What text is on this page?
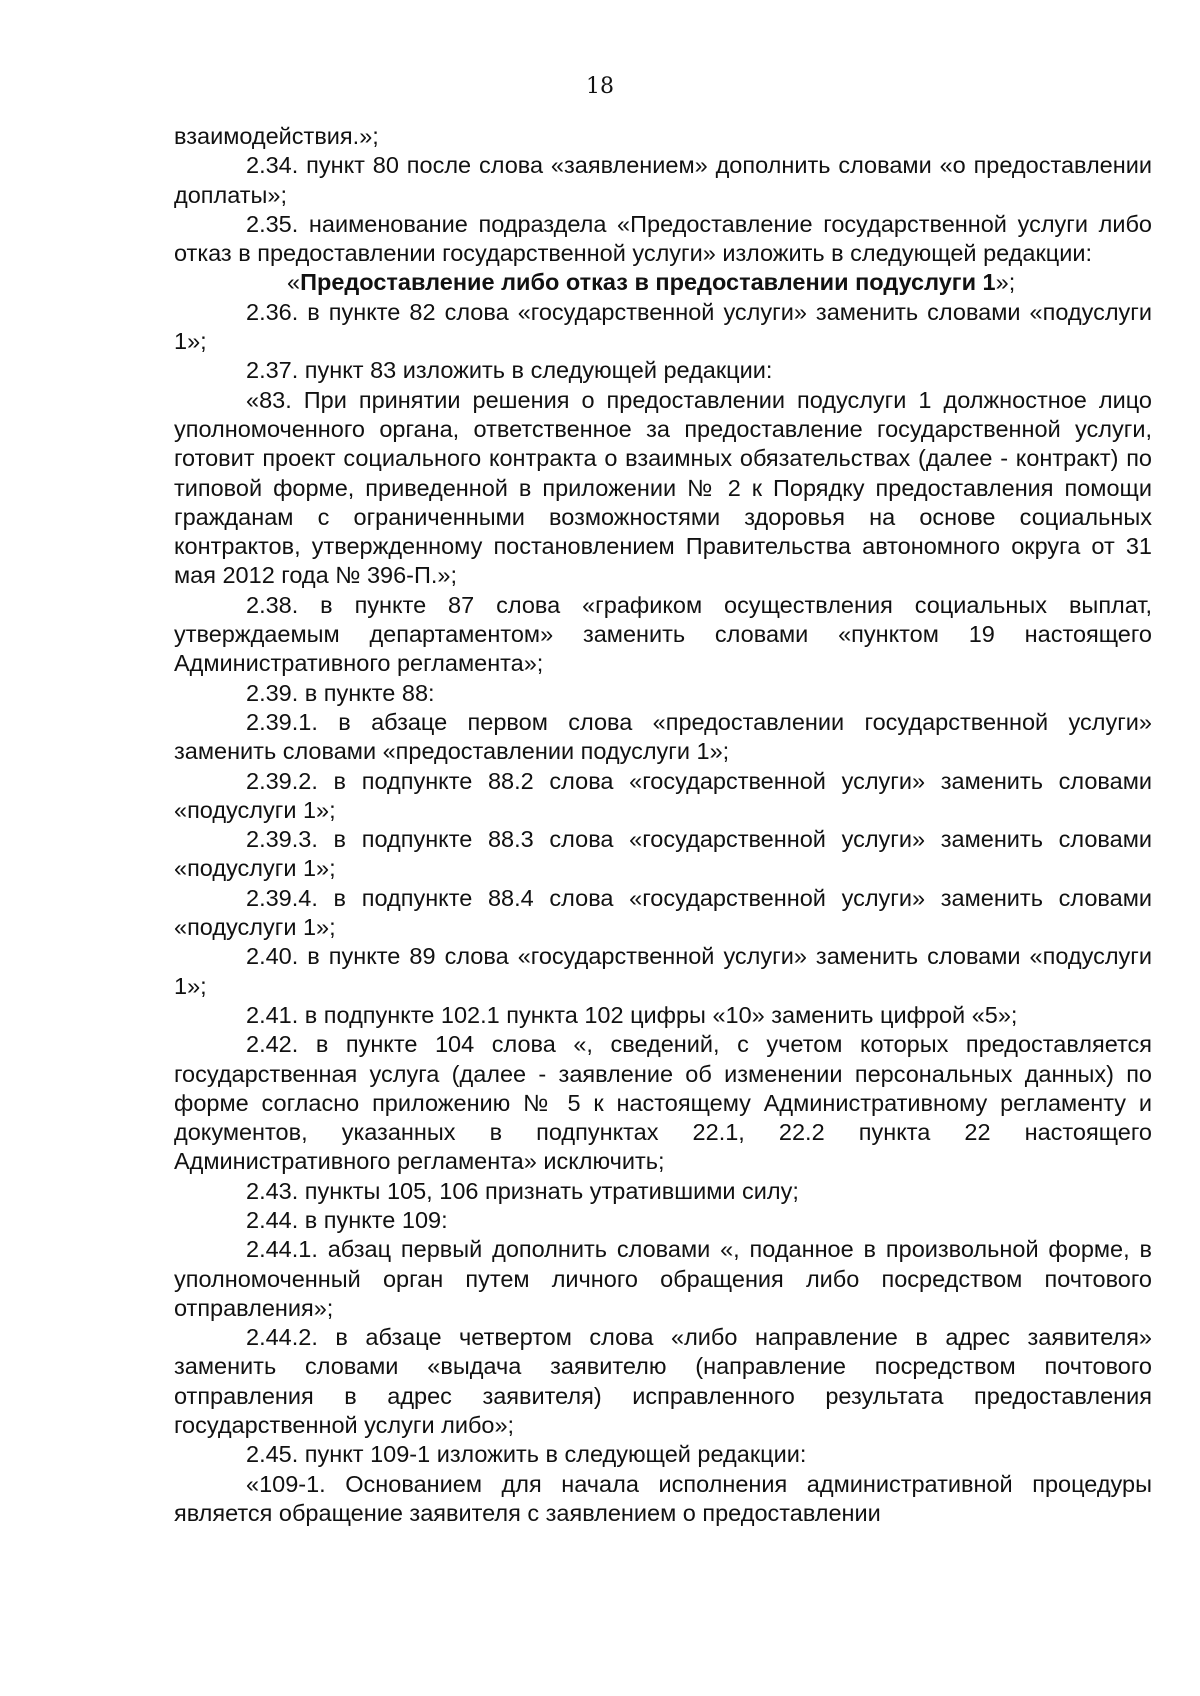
18

взаимодействия.»;

2.34. пункт 80 после слова «заявлением» дополнить словами «о предоставлении доплаты»;

2.35. наименование подраздела «Предоставление государственной услуги либо отказ в предоставлении государственной услуги» изложить в следующей редакции:

«Предоставление либо отказ в предоставлении подуслуги 1»;

2.36. в пункте 82 слова «государственной услуги» заменить словами «подуслуги 1»;

2.37. пункт 83 изложить в следующей редакции:

«83. При принятии решения о предоставлении подуслуги 1 должностное лицо уполномоченного органа, ответственное за предоставление государственной услуги, готовит проект социального контракта о взаимных обязательствах (далее - контракт) по типовой форме, приведенной в приложении № 2 к Порядку предоставления помощи гражданам с ограниченными возможностями здоровья на основе социальных контрактов, утвержденному постановлением Правительства автономного округа от 31 мая 2012 года № 396-П.»;

2.38. в пункте 87 слова «графиком осуществления социальных выплат, утверждаемым департаментом» заменить словами «пунктом 19 настоящего Административного регламента»;

2.39. в пункте 88:

2.39.1. в абзаце первом слова «предоставлении государственной услуги» заменить словами «предоставлении подуслуги 1»;

2.39.2. в подпункте 88.2 слова «государственной услуги» заменить словами «подуслуги 1»;

2.39.3. в подпункте 88.3 слова «государственной услуги» заменить словами «подуслуги 1»;

2.39.4. в подпункте 88.4 слова «государственной услуги» заменить словами «подуслуги 1»;

2.40. в пункте 89 слова «государственной услуги» заменить словами «подуслуги 1»;

2.41. в подпункте 102.1 пункта 102 цифры «10» заменить цифрой «5»;

2.42. в пункте 104 слова «, сведений, с учетом которых предоставляется государственная услуга (далее - заявление об изменении персональных данных) по форме согласно приложению № 5 к настоящему Административному регламенту и документов, указанных в подпунктах 22.1, 22.2 пункта 22 настоящего Административного регламента» исключить;

2.43. пункты 105, 106 признать утратившими силу;

2.44. в пункте 109:

2.44.1. абзац первый дополнить словами «, поданное в произвольной форме, в уполномоченный орган путем личного обращения либо посредством почтового отправления»;

2.44.2. в абзаце четвертом слова «либо направление в адрес заявителя» заменить словами «выдача заявителю (направление посредством почтового отправления в адрес заявителя) исправленного результата предоставления государственной услуги либо»;

2.45. пункт 109-1 изложить в следующей редакции:

«109-1. Основанием для начала исполнения административной процедуры является обращение заявителя с заявлением о предоставлении
